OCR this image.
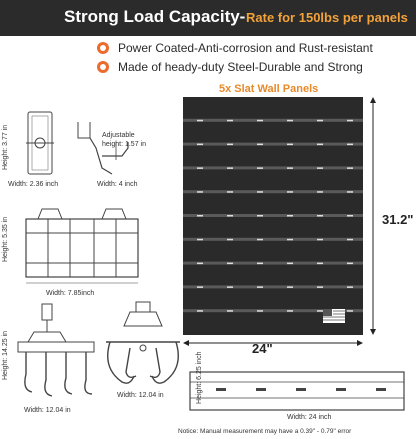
Strong Load Capacity- Rate for 150lbs per panels
Power Coated-Anti-corrosion and Rust-resistant
Made of heady-duty Steel-Durable and Strong
5x Slat Wall Panels
31.2"
24"
Height: 3.77 in
Width: 2.36 inch
Adjustable
height: 1.57 in
Width: 4 inch
Height: 5.35 in
Width: 7.85inch
Height: 14.25 in
Width: 12.04 in
Width: 12.04 in	Height: 6.25 inch
Width: 24 inch
Notice: Manual measurement may have a 0.39" - 0.79" error
